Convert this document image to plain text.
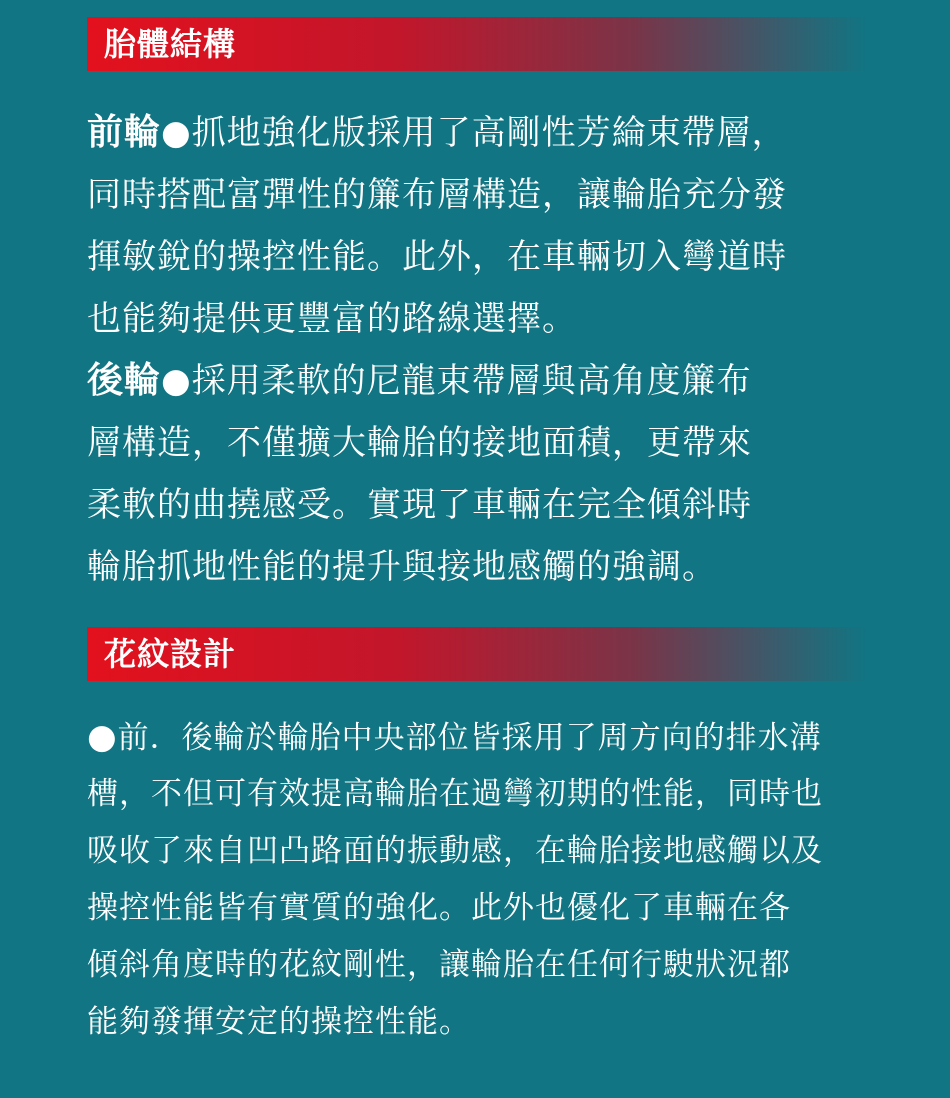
胎體結構
前輪●抓地強化版採用了高剛性芳綸束帶層，
同時搭配富彈性的簾布層構造，讓輪胎充分發
揮敏銳的操控性能。此外，在車輛切入彎道時
也能夠提供更豐富的路線選擇。
後輪●採用柔軟的尼龍束帶層與高角度簾布
層構造，不僅擴大輪胎的接地面積，更帶來
柔軟的曲撓感受。實現了車輛在完全傾斜時
輪胎抓地性能的提升與接地感觸的強調。
花紋設計
●前．後輪於輪胎中央部位皆採用了周方向的排水溝
槽，不但可有效提高輪胎在過彎初期的性能，同時也
吸收了來自凹凸路面的振動感，在輪胎接地感觸以及
操控性能皆有實質的強化。此外也優化了車輛在各
傾斜角度時的花紋剛性，讓輪胎在任何行駛狀況都
能夠發揮安定的操控性能。
